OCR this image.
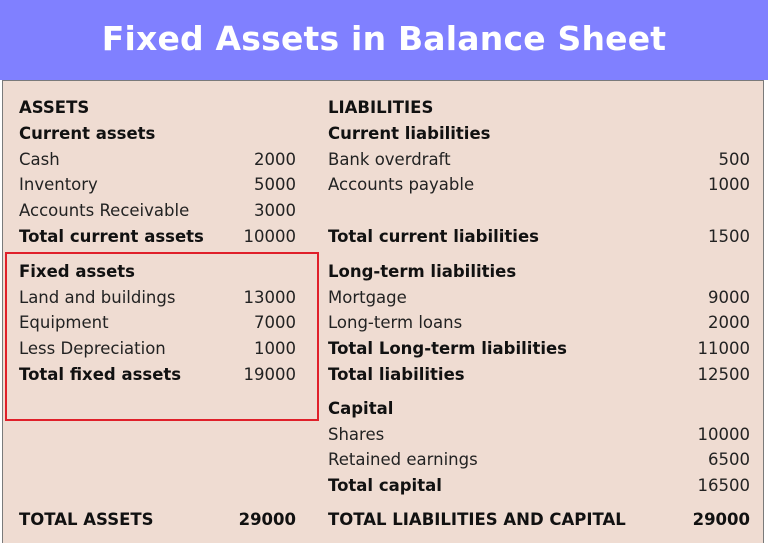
Fixed Assets in Balance Sheet
ASSETS
Current assets
Cash	2000
Inventory	5000
Accounts Receivable	3000
Total current assets	10000
Fixed assets
Land and buildings	13000
Equipment	7000
Less Depreciation	1000
Total fixed assets	19000
TOTAL ASSETS	29000
LIABILITIES
Current liabilities
Bank overdraft	500
Accounts payable	1000
Total current liabilities	1500
Long-term liabilities
Mortgage	9000
Long-term loans	2000
Total Long-term liabilities	11000
Total liabilities	12500
Capital
Shares	10000
Retained earnings	6500
Total capital	16500
TOTAL LIABILITIES AND CAPITAL	29000
